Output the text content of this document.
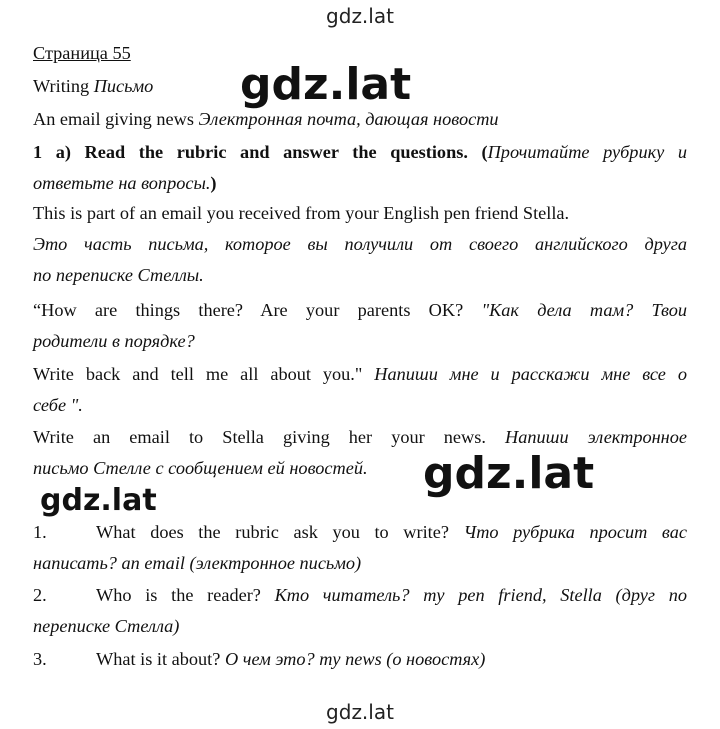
gdz.lat
Страница 55
Writing Письмо
An email giving news Электронная почта, дающая новости
1 a) Read the rubric and answer the questions. (Прочитайте рубрику и
ответьте на вопросы.)
This is part of an email you received from your English pen friend Stella.
Это часть письма, которое вы получили от своего английского друга
по переписке Стеллы.
“How are things there? Are your parents OK? "Как дела там? Твои
родители в порядке?
Write back and tell me all about you." Напиши мне и расскажи мне все о
себе ".
Write an email to Stella giving her your news. Напиши электронное
письмо Стелле с сообщением ей новостей.
1.	What does the rubric ask you to write? Что рубрика просит вас
написать? an email (электронное письмо)
2.	Who is the reader? Кто читатель? my pen friend, Stella (друг по
переписке Стелла)
3.	What is it about? О чем это? my news (о новостях)
gdz.lat
gdz.lat
gdz.lat
gdz.lat
